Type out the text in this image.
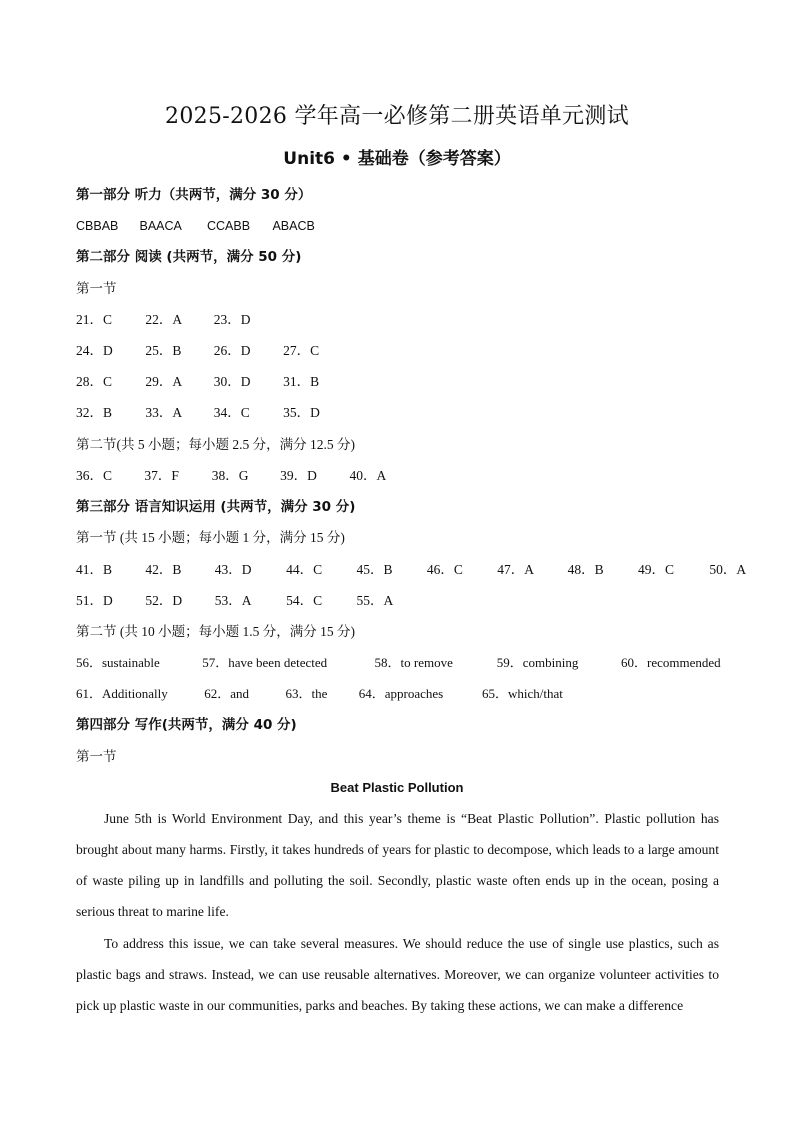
2025-2026 学年高一必修第二册英语单元测试
Unit6 • 基础卷（参考答案）
第一部分 听力（共两节，满分 30 分）
CBBAB BAACA CCABB ABACB
第二部分 阅读 (共两节，满分 50 分)
第一节
21．C 22．A 23．D
24．D 25．B 26．D 27．C
28．C 29．A 30．D 31．B
32．B 33．A 34．C 35．D
第二节(共 5 小题；每小题 2.5 分，满分 12.5 分)
36．C 37．F 38．G 39．D 40．A
第三部分 语言知识运用 (共两节，满分 30 分)
第一节 (共 15 小题；每小题 1 分，满分 15 分)
41．B 42．B 43．D	44．C	45．B	46．C	47．A 48．B	49．C	50．A
51．D 52．D 53．A	54．C	55．A
第二节 (共 10 小题；每小题 1.5 分，满分 15 分)
56．sustainable	57．have been detected	58．to remove	59．combining	60．recommended
61．Additionally	62．and	63．the 64．approaches	65．which/that
第四部分 写作(共两节，满分 40 分)
第一节
Beat Plastic Pollution
June 5th is World Environment Day, and this year’s theme is “Beat Plastic Pollution”. Plastic pollution has brought about many harms. Firstly, it takes hundreds of years for plastic to decompose, which leads to a large amount of waste piling up in landfills and polluting the soil. Secondly, plastic waste often ends up in the ocean, posing a serious threat to marine life.
To address this issue, we can take several measures. We should reduce the use of single use plastics, such as plastic bags and straws. Instead, we can use reusable alternatives. Moreover, we can organize volunteer activities to pick up plastic waste in our communities, parks and beaches. By taking these actions, we can make a difference
